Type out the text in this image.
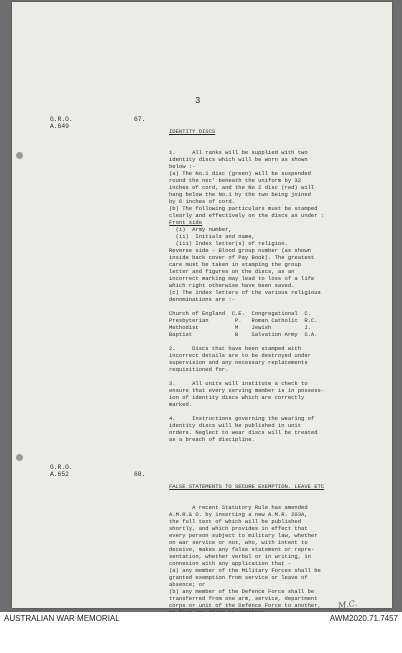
3
G.R.O.
A.649
67.

IDENTITY DISCS

1.     All ranks will be supplied with two
identity discs which will be worn as shown
below :-
(a) The No.1 disc (green) will be suspended
round the nec' beneath the uniform by 32
inches of cord, and the No 2 disc (red) will
hang below the No.1 by the two being joined
by 6 inches of cord.
(b) The following particulars must be stamped
clearly and effectively on the discs as under :
Front side
(i)  Army number,
(ii)  Initials and name,
(iii) Index letter(s) of religion.
Reverse side - Blood group number (as shown
inside back cover of Pay Book). The greatest
care must be taken in stamping the group
letter and figures on the discs, as an
incorrect marking may lead to loss of a life
which right otherwise have been saved.
(c) The index letters of the various religious
denominations are :-
Church of England  C.E.  Congregational  C.
Presbyterian        P.   Roman Catholic  R.C.
Methodist           M    Jewish          J.
Baptist             B    Salvation Army  S.A.
2.     Discs that have been stamped with
incorrect details are to be destroyed under
supervision and any necessary replacements
requisitioned for.
3.     All units will institute a check to
ensure that every serving member is in possess-
ion of identity discs which are correctly
marked.
4.     Instructions governing the wearing of
identity discs will be published in unit
orders. Neglect to wear discs will be treated
as a breach of discipline.

G.R.O.
A.652	68.

FALSE STATEMENTS TO SECURE EXEMPTION. LEAVE ETC

A recent Statutory Rule has amended
A.M.R.& O. by inserting a new A.M.R. 203A,
the full text of which will be published
shortly, and which provides in effect that
every person subject to military law, whether
on war service or not, who, with intent to
deceive, makes any false statement or repre-
sentation, whether verbal or in writing, in
connexion with any application that -
(a) any member of the Military Forces shall be
granted exemption from service or leave of
absence; or
(b) any member of the Defence Force shall be
transferred from one arm, service, department
corps or unit of the Defence Force to another,	M.C.
AUSTRALIAN WAR MEMORIAL	AWM2020.71.7457
